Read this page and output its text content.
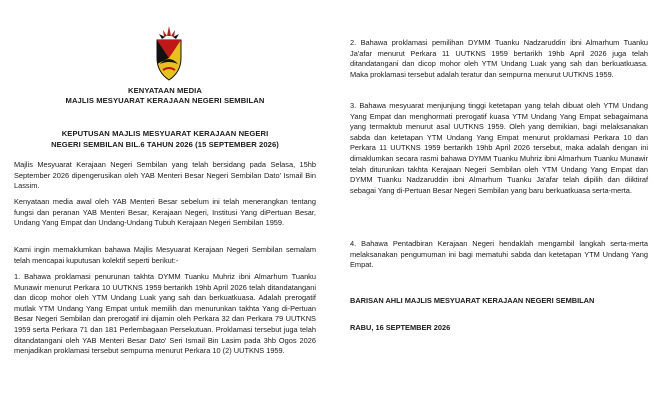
KENYATAAN MEDIA
MAJLIS MESYUARAT KERAJAAN NEGERI SEMBILAN
KEPUTUSAN MAJLIS MESYUARAT KERAJAAN NEGERI
NEGERI SEMBILAN BIL.6 TAHUN 2026 (15 SEPTEMBER 2026)

Majlis Mesyuarat Kerajaan Negeri Sembilan yang telah bersidang pada Selasa, 15hb September 2026 dipengerusikan oleh YAB Menteri Besar Negeri Sembilan Dato' Ismail Bin Lassim.

Kenyataan media awal oleh YAB Menteri Besar sebelum ini telah menerangkan tentang fungsi dan peranan YAB Menteri Besar, Kerajaan Negeri, Institusi Yang diPertuan Besar, Undang Yang Empat dan Undang-Undang Tubuh Kerajaan Negeri Sembilan 1959.

Kami ingin memaklumkan bahawa Majlis Mesyuarat Kerajaan Negeri Sembilan semalam telah mencapai kuputusan kolektif seperti berikut:-

1. Bahawa proklamasi penurunan takhta DYMM Tuanku Muhriz ibni Almarhum Tuanku Munawir menurut Perkara 10 UUTKNS 1959 bertarikh 19hb April 2026 telah ditandatangani dan dicop mohor oleh YTM Undang Luak yang sah dan berkuatkuasa. Adalah prerogatif mutlak YTM Undang Yang Empat untuk memilih dan menurunkan takhta Yang di-Pertuan Besar Negeri Sembilan dan prerogatif ini dijamin oleh Perkara 32 dan Perkara 79 UUTKNS 1959 serta Perkara 71 dan 181 Perlembagaan Persekutuan. Proklamasi tersebut juga telah ditandatangani oleh YAB Menteri Besar Dato' Seri Ismail Bin Lasim pada 3hb Ogos 2026 menjadikan proklamasi tersebut sempurna menurut Perkara 10 (2) UUTKNS 1959.

2. Bahawa proklamasi pemilihan DYMM Tuanku Nadzaruddin ibni Almarhum Tuanku Ja'afar menurut Perkara 11 UUTKNS 1959 bertarikh 19hb April 2026 juga telah ditandatangani dan dicop mohor oleh YTM Undang Luak yang sah dan berkuatkuasa. Maka proklamasi tersebut adalah teratur dan sempurna menurut UUTKNS 1959.

3. Bahawa mesyuarat menjunjung tinggi ketetapan yang telah dibuat oleh YTM Undang Yang Empat dan menghormati prerogatif kuasa YTM Undang Yang Empat sebagaimana yang termaktub menurut asal UUTKNS 1959. Oleh yang demikian, bagi melaksanakan sabda dan ketetapan YTM Undang Yang Empat menurut proklamasi Perkara 10 dan Perkara 11 UUTKNS 1959 bertarikh 19hb April 2026 tersebut, maka adalah dengan ini dimaklumkan secara rasmi bahawa DYMM Tuanku Muhriz ibni Almarhum Tuanku Munawir telah diturunkan takhta Kerajaan Negeri Sembilan oleh YTM Undang Yang Empat dan DYMM Tuanku Nadzaruddin ibni Almarhum Tuanku Ja'afar telah dipilih dan diiktiraf sebagai Yang di-Pertuan Besar Negeri Sembilan yang baru berkuatkuasa serta-merta.

4. Bahawa Pentadbiran Kerajaan Negeri hendaklah mengambil langkah serta-merta melaksanakan pengumuman ini bagi mematuhi sabda dan ketetapan YTM Undang Yang Empat.

BARISAN AHLI MAJLIS MESYUARAT KERAJAAN NEGERI SEMBILAN

RABU, 16 SEPTEMBER 2026
